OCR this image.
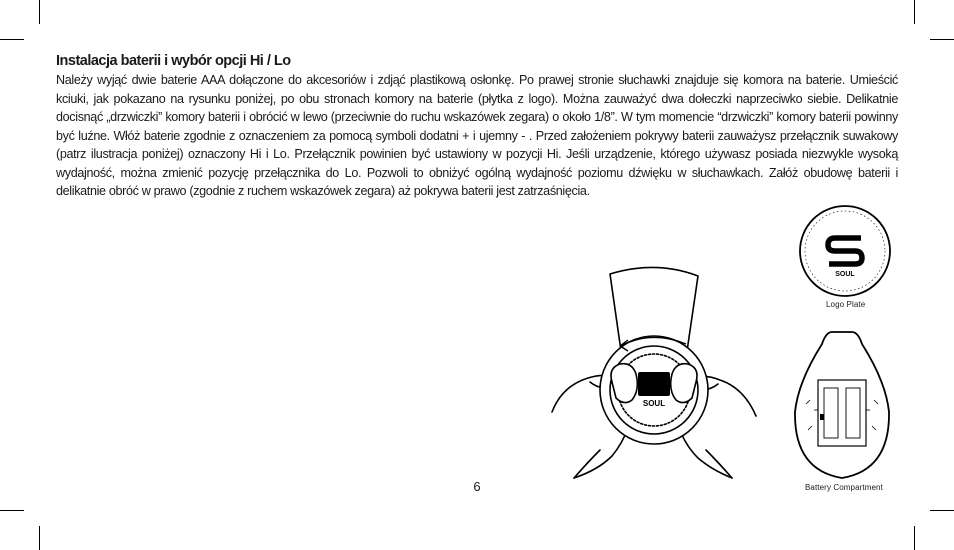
Instalacja baterii i wybór opcji Hi / Lo

Należy wyjąć dwie baterie AAA dołączone do akcesoriów i zdjąć plastikową osłonkę. Po prawej stronie słuchawki znajduje się komora na baterie. Umieścić kciuki, jak pokazano na rysunku poniżej, po obu stronach komory na baterie (płytka z logo). Można zauważyć dwa dołeczki naprzeciwko siebie. Delikatnie docisnąć „drzwiczki” komory baterii i obrócić w lewo (przeciwnie do ruchu wskazówek zegara) o około 1/8”. W tym momencie “drzwiczki” komory baterii powinny być luźne. Włóż baterie zgodnie z oznaczeniem za pomocą symboli dodatni + i ujemny - . Przed założeniem pokrywy baterii zauważysz przełącznik suwakowy (patrz ilustracja poniżej) oznaczony Hi i Lo. Przełącznik powinien być ustawiony w pozycji Hi. Jeśli urządzenie, którego używasz posiada niezwykle wysoką wydajność, można zmienić pozycję przełącznika do Lo. Pozwoli to obniżyć ogólną wydajność poziomu dźwięku w słuchawkach. Załóż obudowę baterii i delikatnie obróć w prawo (zgodnie z ruchem wskazówek zegara) aż pokrywa baterii jest zatrzaśnięcia.

SOUL
SOUL
Logo Plate
Battery Compartment
6
